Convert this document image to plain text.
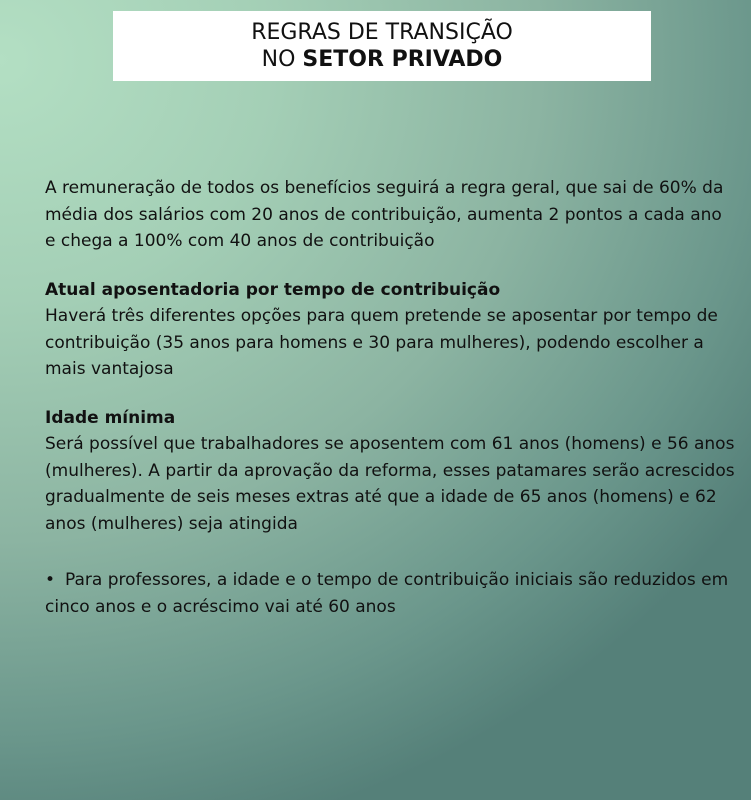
REGRAS DE TRANSIÇÃO
NO SETOR PRIVADO

A remuneração de todos os benefícios seguirá a regra geral, que sai de 60% da média dos salários com 20 anos de contribuição, aumenta 2 pontos a cada ano e chega a 100% com 40 anos de contribuição

Atual aposentadoria por tempo de contribuição

Haverá três diferentes opções para quem pretende se aposentar por tempo de contribuição (35 anos para homens e 30 para mulheres), podendo escolher a mais vantajosa

Idade mínima

Será possível que trabalhadores se aposentem com 61 anos (homens) e 56 anos (mulheres). A partir da aprovação da reforma, esses patamares serão acrescidos gradualmente de seis meses extras até que a idade de 65 anos (homens) e 62 anos (mulheres) seja atingida

• Para professores, a idade e o tempo de contribuição iniciais são reduzidos em cinco anos e o acréscimo vai até 60 anos
